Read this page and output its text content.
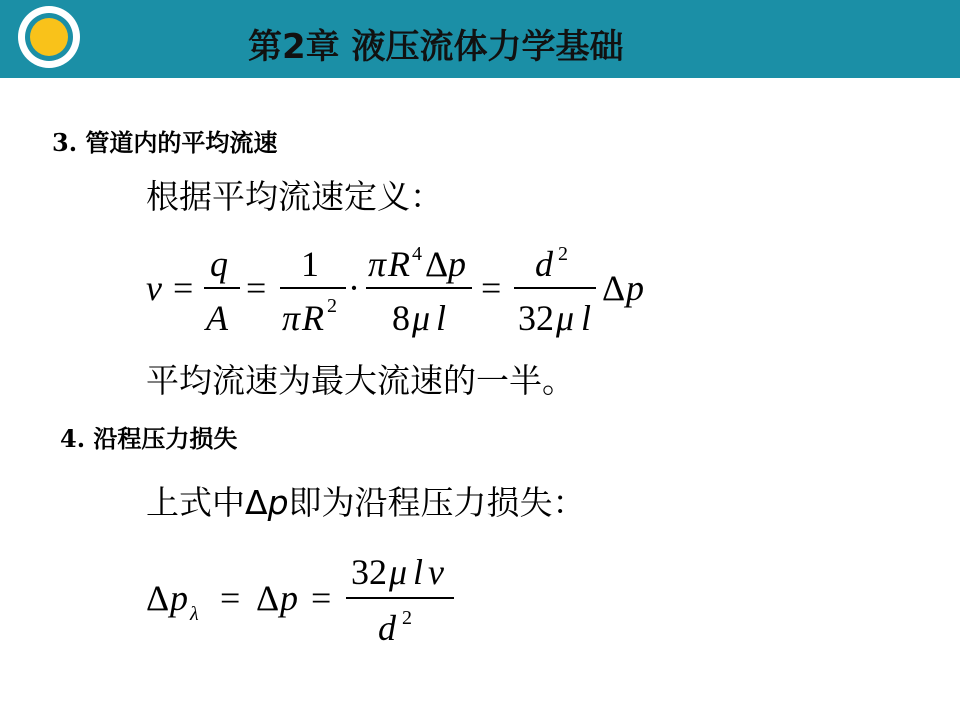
第2章 液压流体力学基础
3. 管道内的平均流速
根据平均流速定义：
v =
q
A
=
1
π R 2 ·
π R 4 Δ p
8 μ l
=
d 2
32 μ l
Δ p
平均流速为最大流速的一半。
4. 沿程压力损失
上式中Δp即为沿程压力损失：
Δ p λ = Δ p =
32 μ l v
d 2
